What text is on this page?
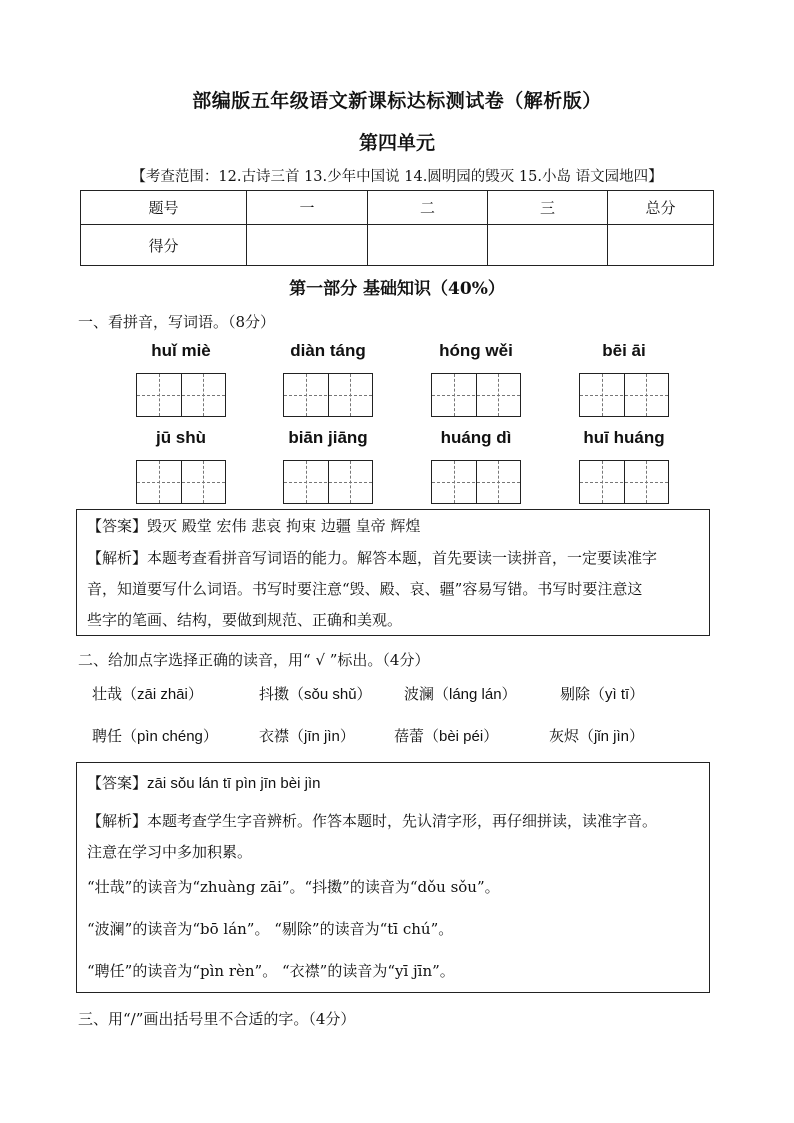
部编版五年级语文新课标达标测试卷（解析版）
第四单元
【考查范围：12.古诗三首 13.少年中国说 14.圆明园的毁灭 15.小岛 语文园地四】
题号	一	二	三	总分
得分				
第一部分 基础知识（40%）
一、看拼音，写词语。（8分）
huǐ miè	diàn táng	hóng wěi	bēi āi
jū shù	biān jiāng	huáng dì	huī huáng
【答案】毁灭 殿堂 宏伟 悲哀 拘束 边疆 皇帝 辉煌
【解析】本题考查看拼音写词语的能力。解答本题，首先要读一读拼音，一定要读准字
音，知道要写什么词语。书写时要注意“毁、殿、哀、疆”容易写错。书写时要注意这
些字的笔画、结构，要做到规范、正确和美观。
二、给加点字选择正确的读音，用“ √ ”标出。（4分）
壮哉（zāi zhāi）	抖擞（sǒu shǔ） 波澜（láng lán）	剔除（yì tī）
聘任（pìn chéng）	衣襟（jīn jìn）	蓓蕾（bèi péi）	灰烬（jǐn jìn）
【答案】zāi sǒu lán tī pìn jīn bèi jìn
【解析】本题考查学生字音辨析。作答本题时，先认清字形，再仔细拼读，读准字音。
注意在学习中多加积累。
“壮哉”的读音为“zhuàng zāi”。“抖擞”的读音为“dǒu sǒu”。
“波澜”的读音为“bō lán”。 “剔除”的读音为“tī chú”。
“聘任”的读音为“pìn rèn”。 “衣襟”的读音为“yī jīn”。
三、用“/”画出括号里不合适的字。（4分）
